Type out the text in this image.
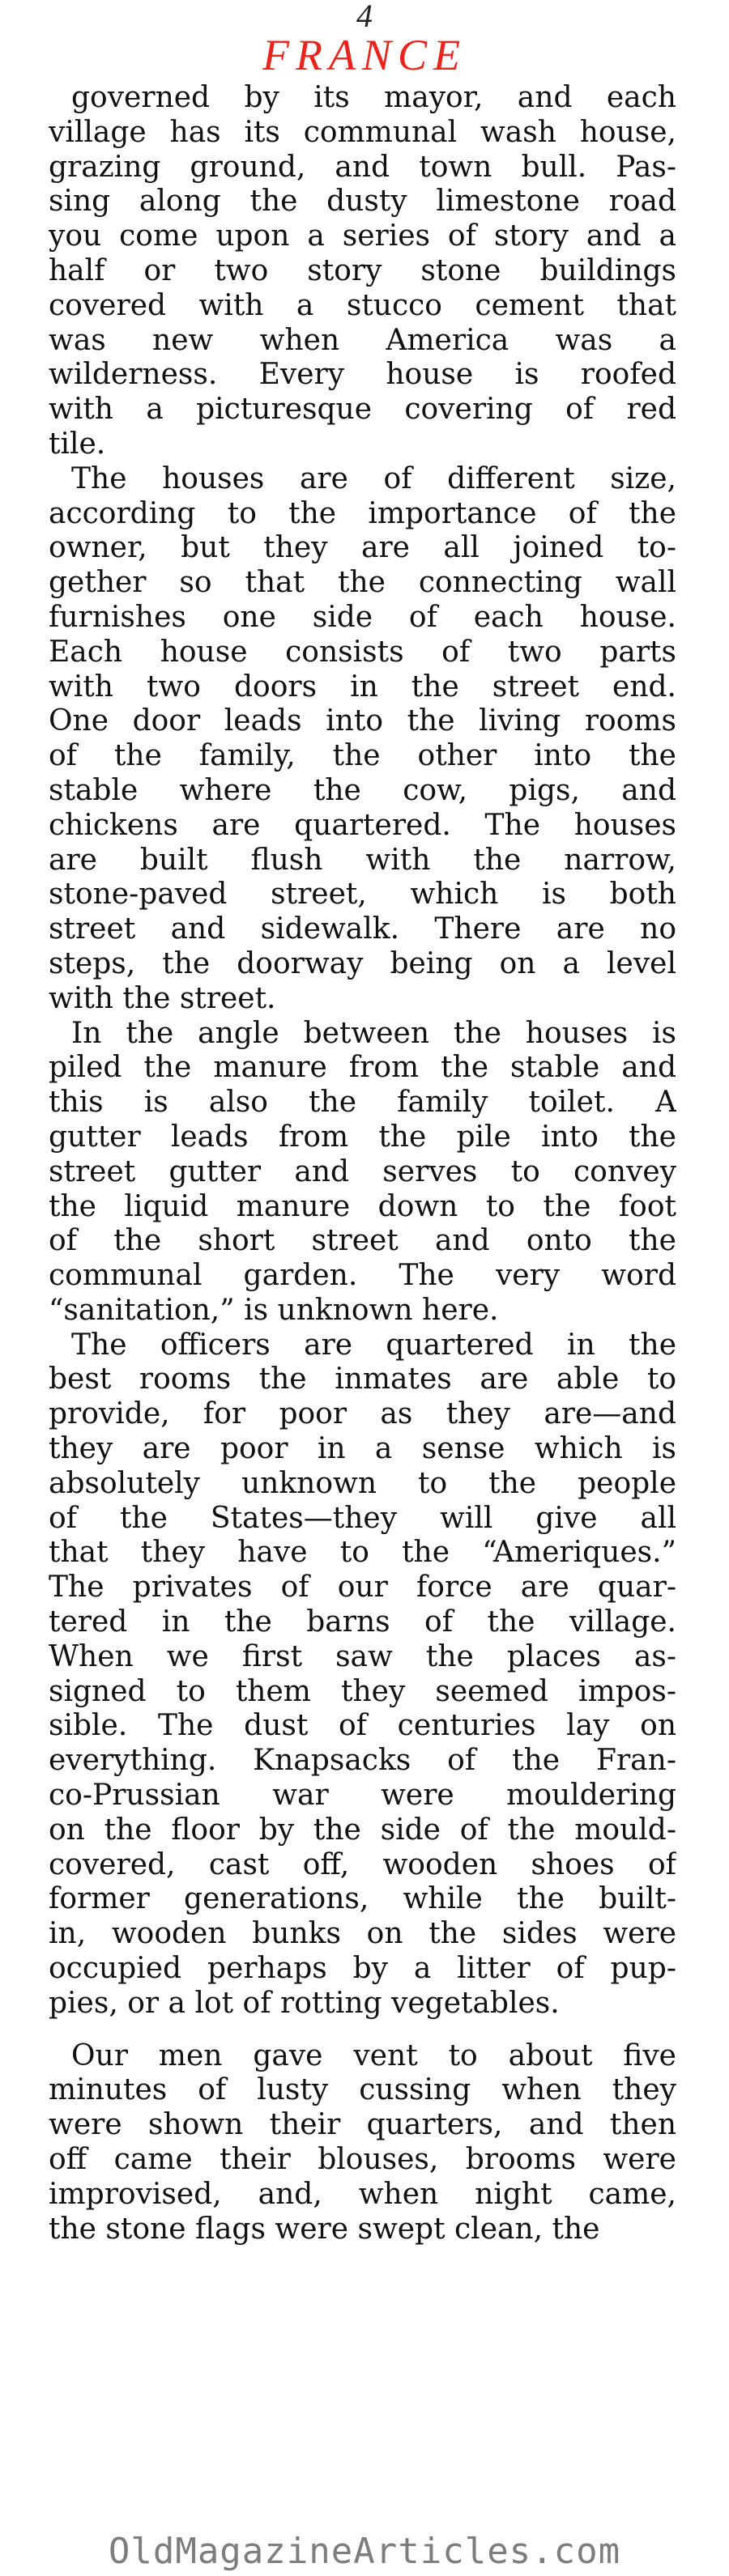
4
FRANCE
governed by its mayor, and each
village has its communal wash house,
grazing ground, and town bull. Pas-
sing along the dusty limestone road
you come upon a series of story and a
half or two story stone buildings
covered with a stucco cement that
was new when America was a
wilderness. Every house is roofed
with a picturesque covering of red
tile.
The houses are of different size,
according to the importance of the
owner, but they are all joined to-
gether so that the connecting wall
furnishes one side of each house.
Each house consists of two parts
with two doors in the street end.
One door leads into the living rooms
of the family, the other into the
stable where the cow, pigs, and
chickens are quartered. The houses
are built flush with the narrow,
stone-paved street, which is both
street and sidewalk. There are no
steps, the doorway being on a level
with the street.
In the angle between the houses is
piled the manure from the stable and
this is also the family toilet. A
gutter leads from the pile into the
street gutter and serves to convey
the liquid manure down to the foot
of the short street and onto the
communal garden. The very word
“sanitation,” is unknown here.
The officers are quartered in the
best rooms the inmates are able to
provide, for poor as they are—and
they are poor in a sense which is
absolutely unknown to the people
of the States—they will give all
that they have to the “Ameriques.”
The privates of our force are quar-
tered in the barns of the village.
When we first saw the places as-
signed to them they seemed impos-
sible. The dust of centuries lay on
everything. Knapsacks of the Fran-
co-Prussian war were mouldering
on the floor by the side of the mould-
covered, cast off, wooden shoes of
former generations, while the built-
in, wooden bunks on the sides were
occupied perhaps by a litter of pup-
pies, or a lot of rotting vegetables.
Our men gave vent to about five
minutes of lusty cussing when they
were shown their quarters, and then
off came their blouses, brooms were
improvised, and, when night came,
the stone flags were swept clean, the
OldMagazineArticles.com
